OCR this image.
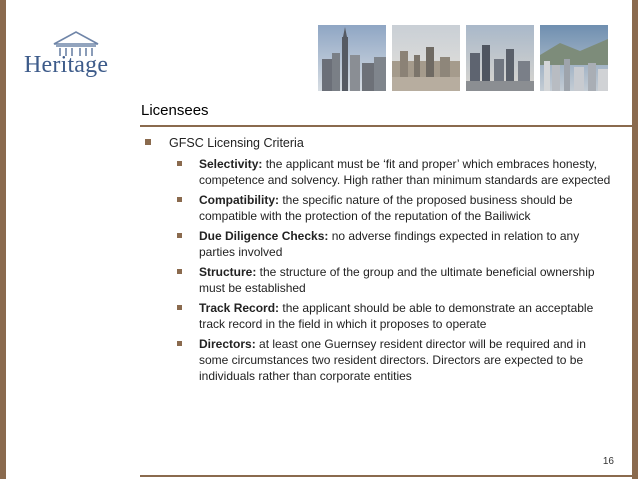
Heritage
Licensees
GFSC Licensing Criteria
Selectivity: the applicant must be ‘fit and proper’ which embraces honesty, competence and solvency. High rather than minimum standards are expected
Compatibility: the specific nature of the proposed business should be compatible with the protection of the reputation of the Bailiwick
Due Diligence Checks: no adverse findings expected in relation to any parties involved
Structure: the structure of the group and the ultimate beneficial ownership must be established
Track Record: the applicant should be able to demonstrate an acceptable track record in the field in which it proposes to operate
Directors: at least one Guernsey resident director will be required and in some circumstances two resident directors. Directors are expected to be individuals rather than corporate entities
16
